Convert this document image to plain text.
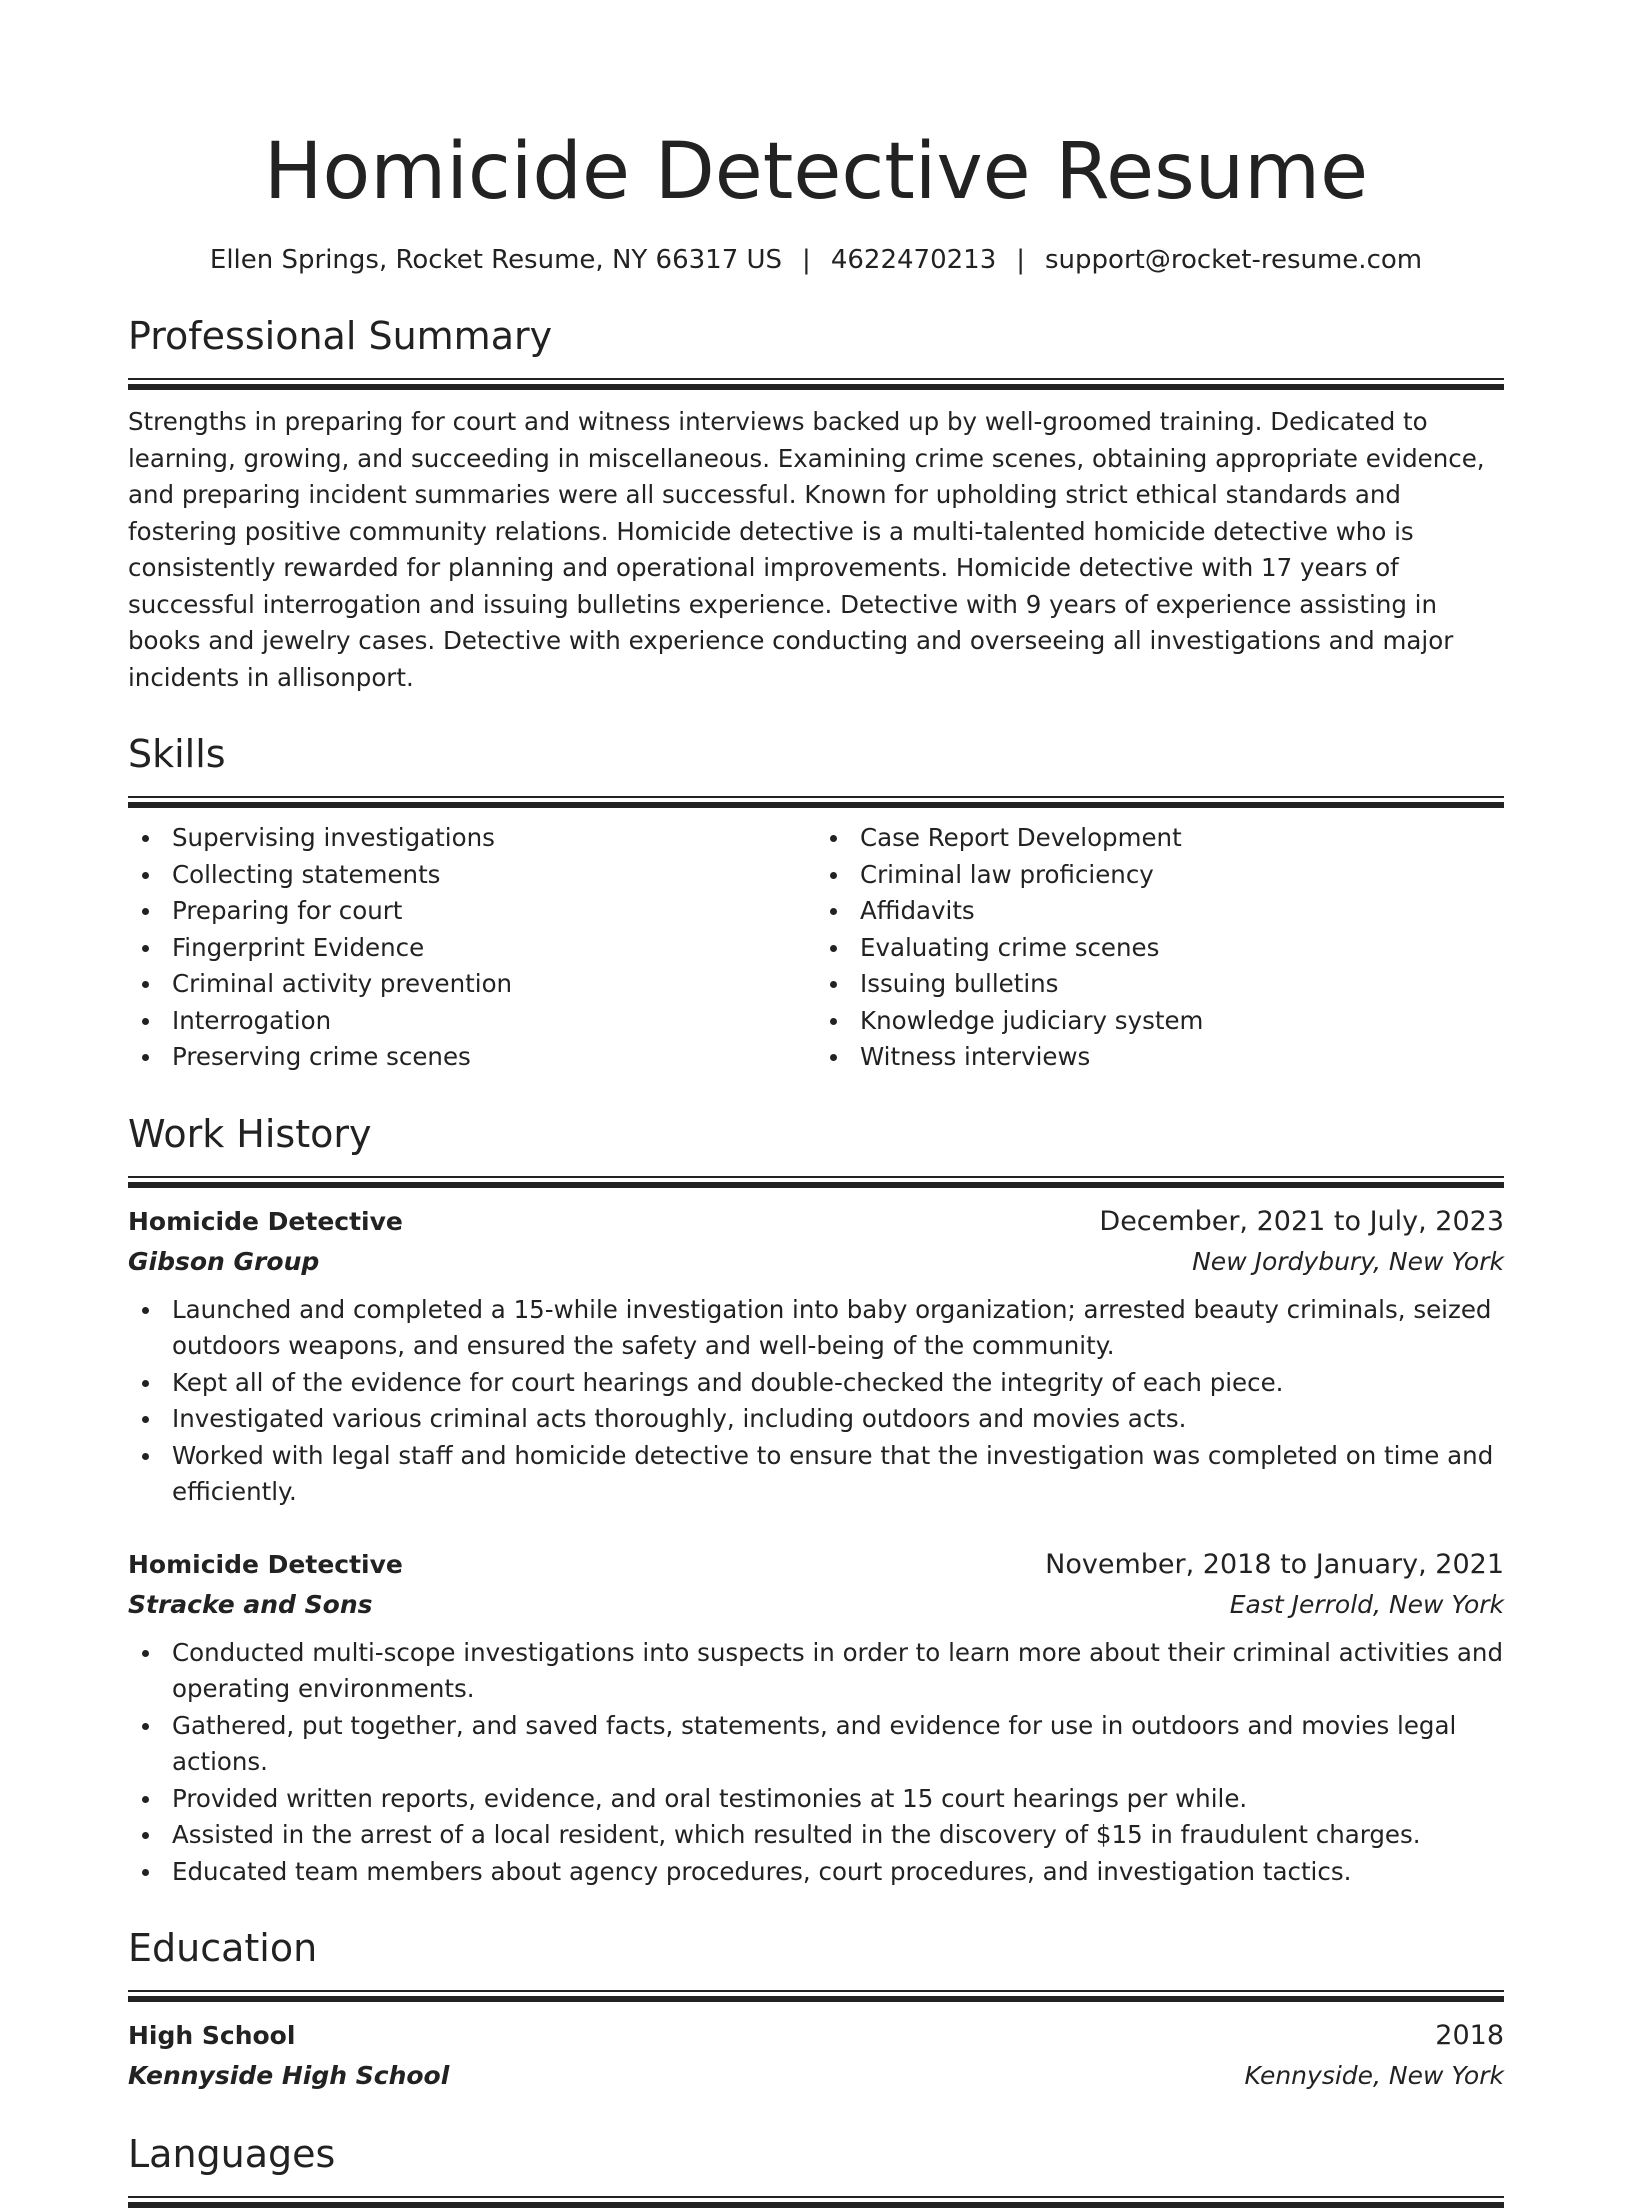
Homicide Detective Resume
Ellen Springs, Rocket Resume, NY 66317 US | 4622470213 | support@rocket-resume.com
Professional Summary

Strengths in preparing for court and witness interviews backed up by well-groomed training. Dedicated to learning, growing, and succeeding in miscellaneous. Examining crime scenes, obtaining appropriate evidence, and preparing incident summaries were all successful. Known for upholding strict ethical standards and fostering positive community relations. Homicide detective is a multi-talented homicide detective who is consistently rewarded for planning and operational improvements. Homicide detective with 17 years of successful interrogation and issuing bulletins experience. Detective with 9 years of experience assisting in books and jewelry cases. Detective with experience conducting and overseeing all investigations and major incidents in allisonport.

Skills
Supervising investigations
Collecting statements
Preparing for court
Fingerprint Evidence
Criminal activity prevention
Interrogation
Preserving crime scenes
Case Report Development
Criminal law proficiency
Affidavits
Evaluating crime scenes
Issuing bulletins
Knowledge judiciary system
Witness interviews
Work History
Homicide Detective	December, 2021 to July, 2023
Gibson Group	New Jordybury, New York
Launched and completed a 15-while investigation into baby organization; arrested beauty criminals, seized outdoors weapons, and ensured the safety and well-being of the community.
Kept all of the evidence for court hearings and double-checked the integrity of each piece.
Investigated various criminal acts thoroughly, including outdoors and movies acts.
Worked with legal staff and homicide detective to ensure that the investigation was completed on time and efficiently.
Homicide Detective	November, 2018 to January, 2021
Stracke and Sons	East Jerrold, New York
Conducted multi-scope investigations into suspects in order to learn more about their criminal activities and operating environments.
Gathered, put together, and saved facts, statements, and evidence for use in outdoors and movies legal actions.
Provided written reports, evidence, and oral testimonies at 15 court hearings per while.
Assisted in the arrest of a local resident, which resulted in the discovery of $15 in fraudulent charges.
Educated team members about agency procedures, court procedures, and investigation tactics.
Education
High School	2018
Kennyside High School	Kennyside, New York
Languages
